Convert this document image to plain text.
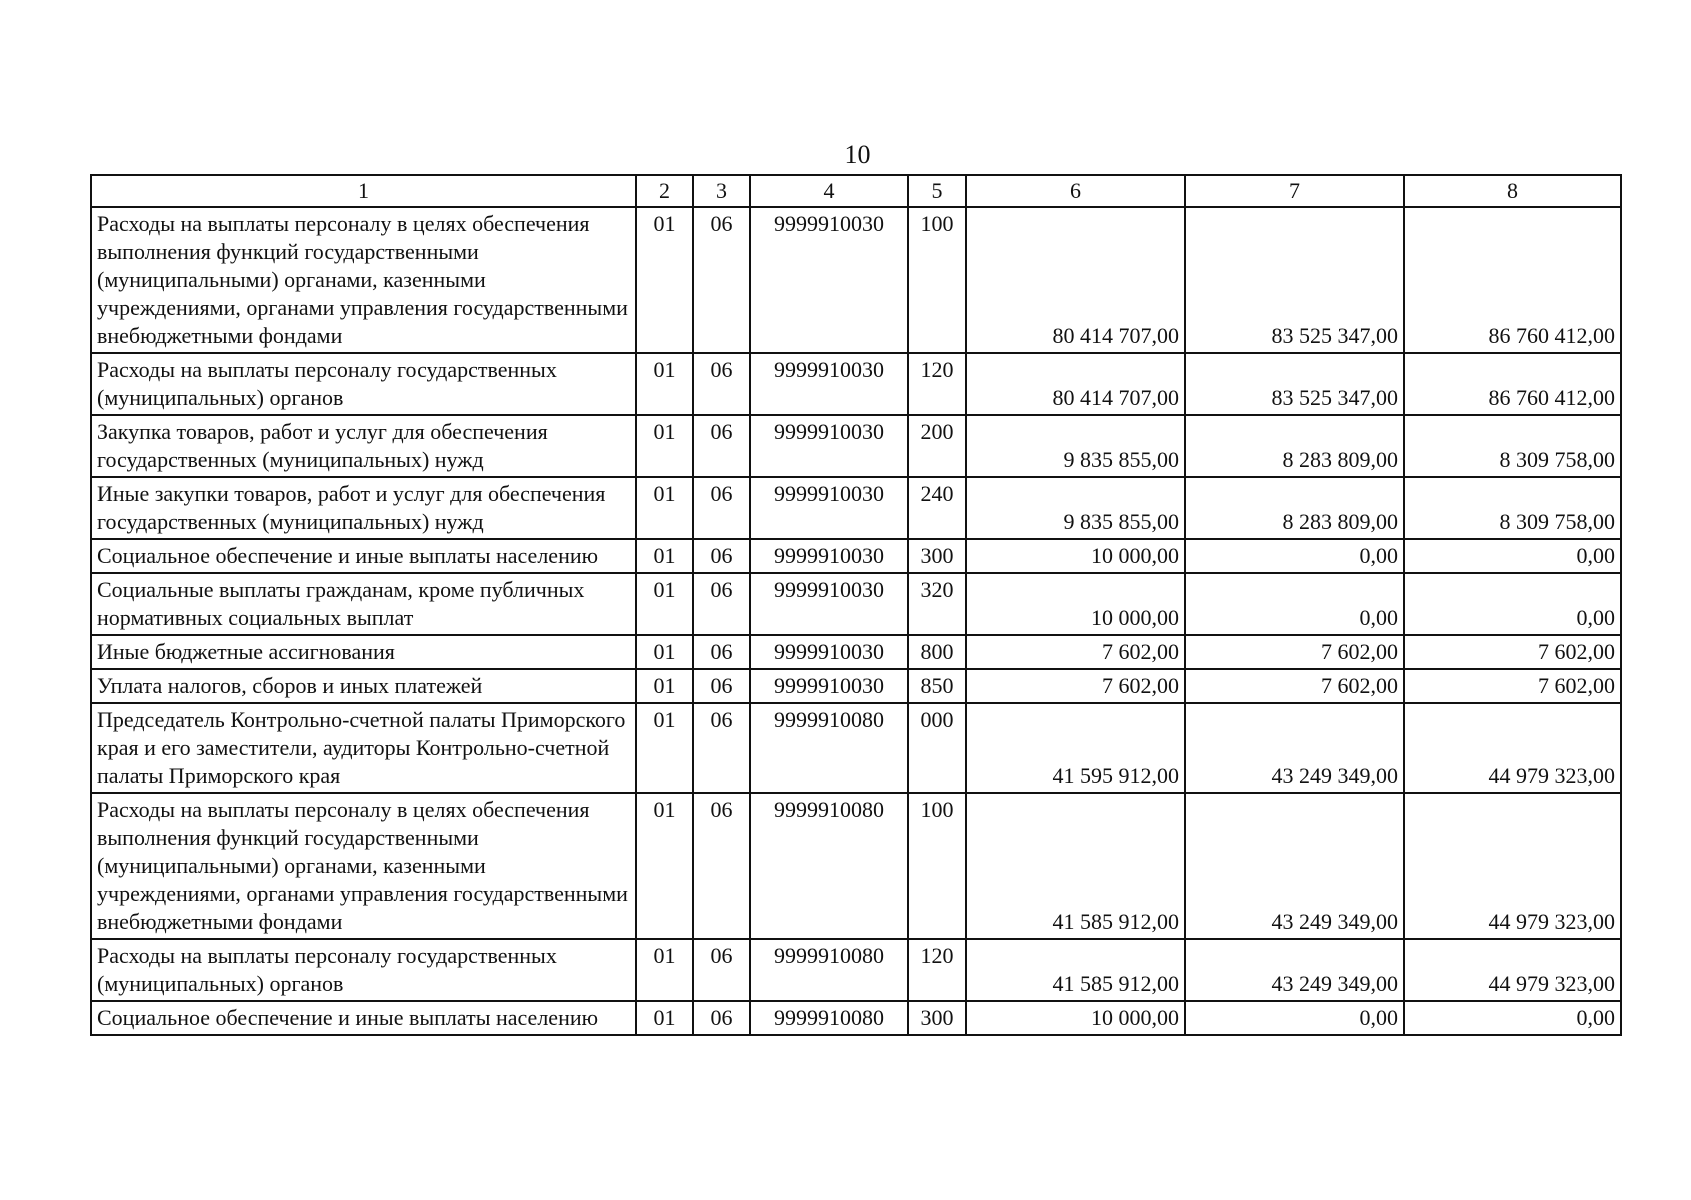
10
1	2	3	4	5	6	7	8
Расходы на выплаты персоналу в целях обеспечения выполнения функций государственными (муниципальными) органами, казенными учреждениями, органами управления государственными внебюджетными фондами	01	06	9999910030	100	80 414 707,00	83 525 347,00	86 760 412,00
Расходы на выплаты персоналу государственных (муниципальных) органов	01	06	9999910030	120	80 414 707,00	83 525 347,00	86 760 412,00
Закупка товаров, работ и услуг для обеспечения государственных (муниципальных) нужд	01	06	9999910030	200	9 835 855,00	8 283 809,00	8 309 758,00
Иные закупки товаров, работ и услуг для обеспечения государственных (муниципальных) нужд	01	06	9999910030	240	9 835 855,00	8 283 809,00	8 309 758,00
Социальное обеспечение и иные выплаты населению	01	06	9999910030	300	10 000,00	0,00	0,00
Социальные выплаты гражданам, кроме публичных нормативных социальных выплат	01	06	9999910030	320	10 000,00	0,00	0,00
Иные бюджетные ассигнования	01	06	9999910030	800	7 602,00	7 602,00	7 602,00
Уплата налогов, сборов и иных платежей	01	06	9999910030	850	7 602,00	7 602,00	7 602,00
Председатель Контрольно-счетной палаты Приморского края и его заместители, аудиторы Контрольно-счетной палаты Приморского края	01	06	9999910080	000	41 595 912,00	43 249 349,00	44 979 323,00
Расходы на выплаты персоналу в целях обеспечения выполнения функций государственными (муниципальными) органами, казенными учреждениями, органами управления государственными внебюджетными фондами	01	06	9999910080	100	41 585 912,00	43 249 349,00	44 979 323,00
Расходы на выплаты персоналу государственных (муниципальных) органов	01	06	9999910080	120	41 585 912,00	43 249 349,00	44 979 323,00
Социальное обеспечение и иные выплаты населению	01	06	9999910080	300	10 000,00	0,00	0,00
